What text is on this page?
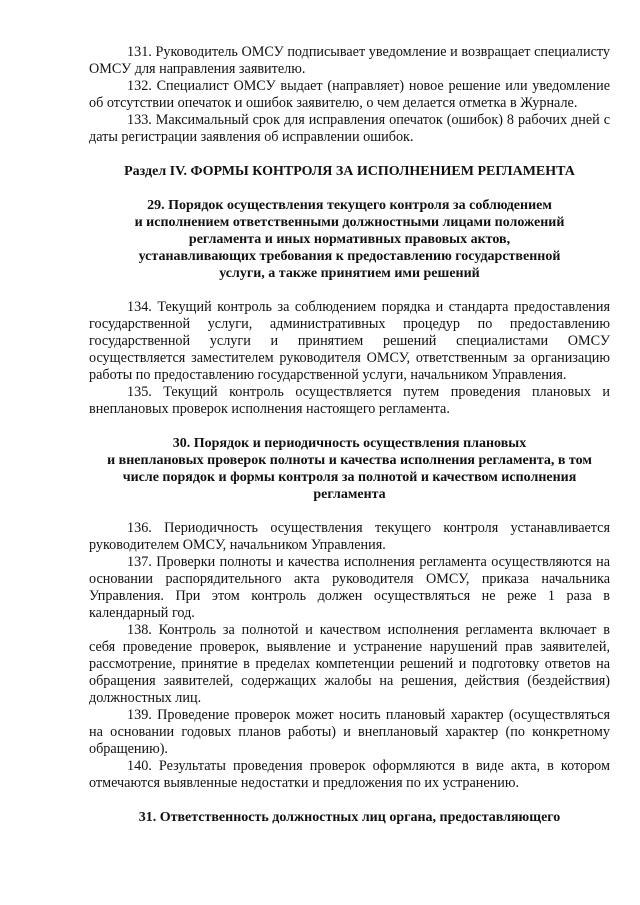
131. Руководитель ОМСУ подписывает уведомление и возвращает специалисту ОМСУ для направления заявителю.

132. Специалист ОМСУ выдает (направляет) новое решение или уведомление об отсутствии опечаток и ошибок заявителю, о чем делается отметка в Журнале.

133. Максимальный срок для исправления опечаток (ошибок) 8 рабочих дней с даты регистрации заявления об исправлении ошибок.

Раздел IV. ФОРМЫ КОНТРОЛЯ ЗА ИСПОЛНЕНИЕМ РЕГЛАМЕНТА

29. Порядок осуществления текущего контроля за соблюдением
и исполнением ответственными должностными лицами положений
регламента и иных нормативных правовых актов,
устанавливающих требования к предоставлению государственной
услуги, а также принятием ими решений

134. Текущий контроль за соблюдением порядка и стандарта предоставления государственной услуги, административных процедур по предоставлению государственной услуги и принятием решений специалистами ОМСУ осуществляется заместителем руководителя ОМСУ, ответственным за организацию работы по предоставлению государственной услуги, начальником Управления.

135. Текущий контроль осуществляется путем проведения плановых и внеплановых проверок исполнения настоящего регламента.

30. Порядок и периодичность осуществления плановых
и внеплановых проверок полноты и качества исполнения регламента, в том
числе порядок и формы контроля за полнотой и качеством исполнения
регламента

136. Периодичность осуществления текущего контроля устанавливается руководителем ОМСУ, начальником Управления.

137. Проверки полноты и качества исполнения регламента осуществляются на основании распорядительного акта руководителя ОМСУ, приказа начальника Управления. При этом контроль должен осуществляться не реже 1 раза в календарный год.

138. Контроль за полнотой и качеством исполнения регламента включает в себя проведение проверок, выявление и устранение нарушений прав заявителей, рассмотрение, принятие в пределах компетенции решений и подготовку ответов на обращения заявителей, содержащих жалобы на решения, действия (бездействия) должностных лиц.

139. Проведение проверок может носить плановый характер (осуществляться на основании годовых планов работы) и внеплановый характер (по конкретному обращению).

140. Результаты проведения проверок оформляются в виде акта, в котором отмечаются выявленные недостатки и предложения по их устранению.

31. Ответственность должностных лиц органа, предоставляющего
